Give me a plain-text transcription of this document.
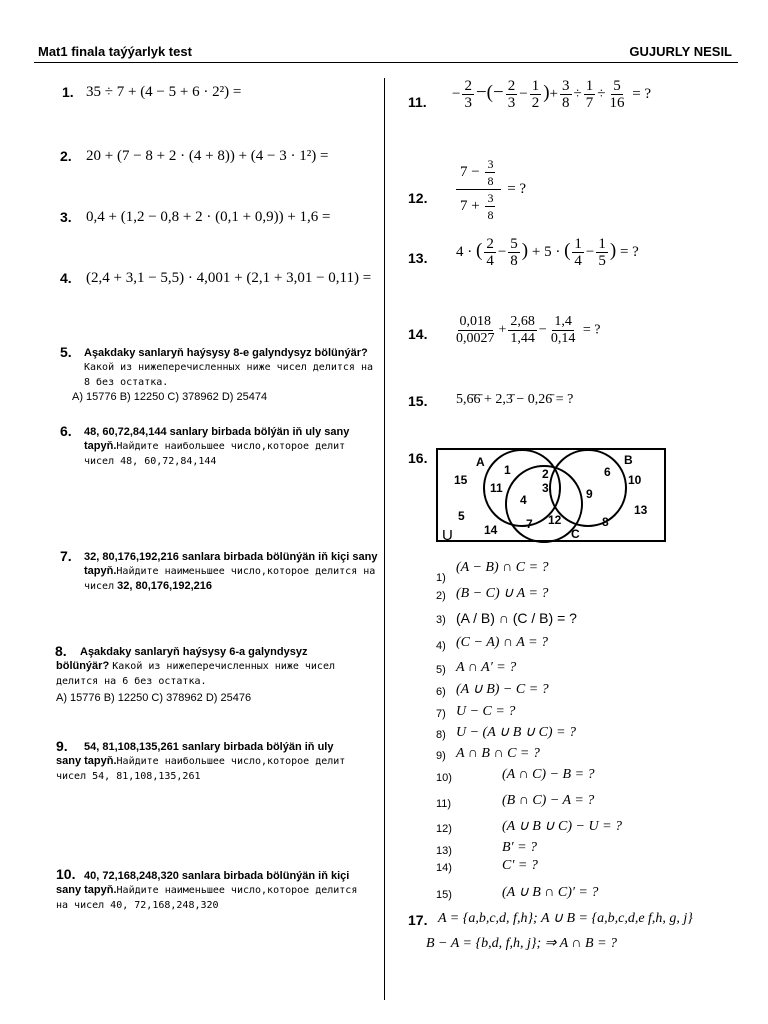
Mat1 finala taýýarlyk test	GUJURLY NESIL
1. 35 ÷ 7 + (4 − 5 + 6 · 2²) =
2. 20 + (7 − 8 + 2 · (4 + 8)) + (4 − 3 · 1²) =
3. 0,4 + (1,2 − 0,8 + 2 · (0,1 + 0,9)) + 1,6 =
4. (2,4 + 3,1 − 5,5) · 4,001 + (2,1 + 3,01 − 0,11) =
5. Aşakdaky sanlaryň haýsysy 8-e galyndysyz bölünýär? Какой из нижеперечисленных ниже чисел делится на 8 без остатка.
A) 15776 B) 12250 C) 378962 D) 25474
6. 48, 60,72,84,144 sanlary birbada bölýän iň uly sany tapyň.Найдите наибольшее число,которое делит чисел 48, 60,72,84,144
7. 32, 80,176,192,216 sanlara birbada bölünýän iň kiçi sany tapyň.Найдите наименьшее число,которое делится на чисел 32, 80,176,192,216
8.	Aşakdaky sanlaryň haýsysy 6-a galyndysyz bölünýär? Какой из нижеперечисленных ниже чисел делится на 6 без остатка.
A) 15776 B) 12250 C) 378962 D) 25476
9.	54, 81,108,135,261 sanlary birbada bölýän iň uly sany tapyň.Найдите наибольшее число,которое делит чисел 54, 81,108,135,261
10. 40, 72,168,248,320 sanlara birbada bölünýän iň kiçi sany tapyň.Найдите наименьшее число,которое делится на чисел 40, 72,168,248,320
11.
− $\frac{2}{3}$ −(− $\frac{2}{3} - \frac{1}{2}$ )+ $\frac{3}{8} \div \frac{1}{7} \div \frac{5}{16}$ = ?
12. $\frac{7 - \frac{3}{8}}{7 + \frac{3}{8}}$ = ?
13. 4 · ( $\frac{2}{4} - \frac{5}{8}$ ) + 5 · ( $\frac{1}{4} - \frac{1}{5}$ ) = ?
14. $\frac{0,018}{0,0027} + \frac{2,68}{1,44} - \frac{1,4}{0,14}$ = ?
15. 5,6̄6̄ + 2,3̄ − 0,26̄ = ?
16.	A	B
C
U
15
1	2	6
10
11	3	9
4
13
5	12	8
14 7
1)
(A − B) ∩ C = ?
2) (B − C) ∪ A = ?
3) (A / B) ∩ (C / B) = ?
4) (C − A) ∩ A = ?
5) A ∩ A′ = ?
6) (A ∪ B) − C = ?
7) U − C = ?
8) U − (A ∪ B ∪ C) = ?
9) A ∩ B ∩ C = ?
10)	(A ∩ C) − B = ?
11)	(B ∩ C) − A = ?
12)	(A ∪ B ∪ C) − U = ?
13)	B′ = ?
14)	C′ = ?
15)	(A ∪ B ∩ C)′ = ?
17. A = {a,b,c,d, f,h}; A ∪ B = {a,b,c,d,e f,h, g, j}
B − A = {b,d, f,h, j}; ⇒ A ∩ B = ?
